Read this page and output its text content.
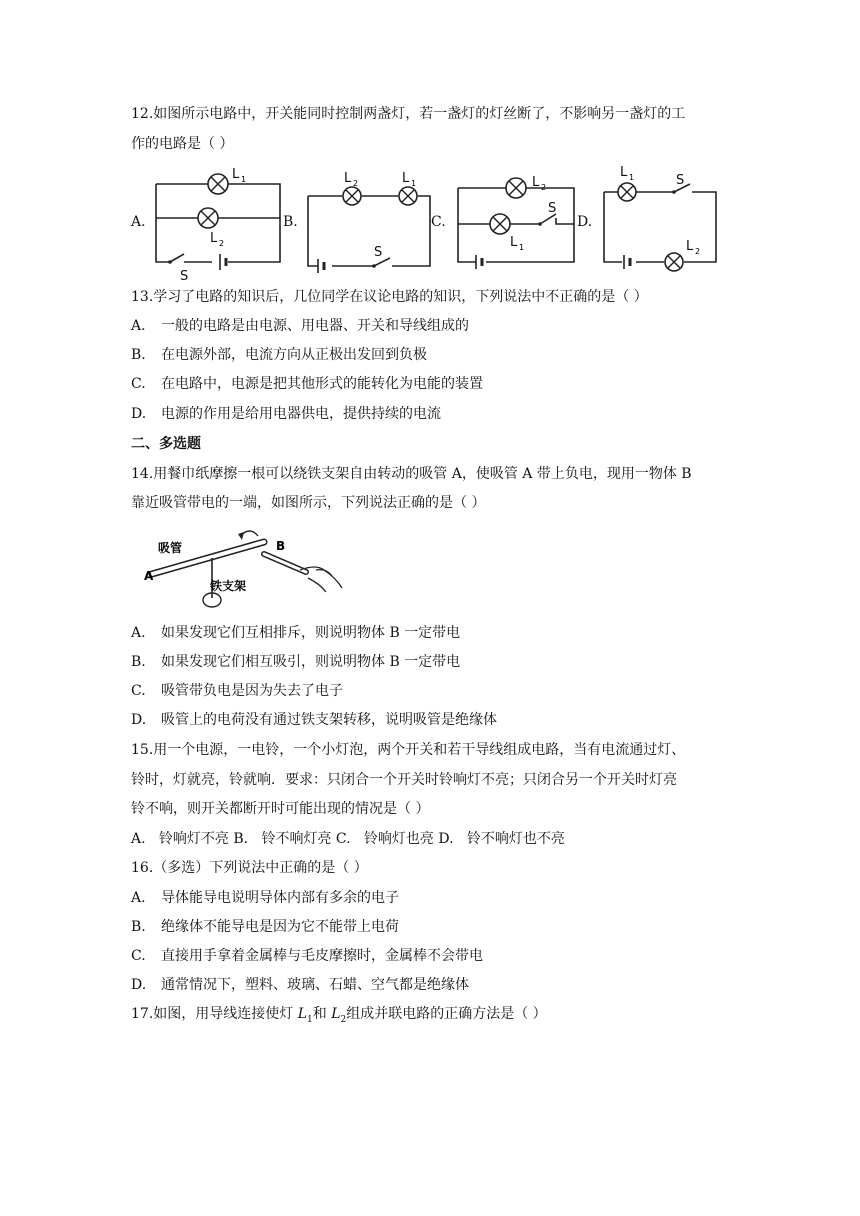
12.如图所示电路中，开关能同时控制两盏灯，若一盏灯的灯丝断了，不影响另一盏灯的工
作的电路是（ ）
A.	B.	C.	D.
L 1
L 2
S
L 2	L 1
S
L 2
L 1
S
L 1	S
L 2
13.学习了电路的知识后，几位同学在议论电路的知识，下列说法中不正确的是（ ）
A. 一般的电路是由电源、用电器、开关和导线组成的
B. 在电源外部，电流方向从正极出发回到负极
C. 在电路中，电源是把其他形式的能转化为电能的装置
D. 电源的作用是给用电器供电，提供持续的电流
二、多选题
14.用餐巾纸摩擦一根可以绕铁支架自由转动的吸管 A，使吸管 A 带上负电，现用一物体 B
靠近吸管带电的一端，如图所示，下列说法正确的是（ ）
吸管
A
B
铁支架
A. 如果发现它们互相排斥，则说明物体 B 一定带电
B. 如果发现它们相互吸引，则说明物体 B 一定带电
C. 吸管带负电是因为失去了电子
D. 吸管上的电荷没有通过铁支架转移，说明吸管是绝缘体
15.用一个电源，一电铃，一个小灯泡，两个开关和若干导线组成电路，当有电流通过灯、
铃时，灯就亮，铃就响．要求：只闭合一个开关时铃响灯不亮；只闭合另一个开关时灯亮
铃不响，则开关都断开时可能出现的情况是（ ）
A.   铃响灯不亮 B.   铃不响灯亮 C.   铃响灯也亮 D.   铃不响灯也不亮
16.（多选）下列说法中正确的是（ ）
A. 导体能导电说明导体内部有多余的电子
B. 绝缘体不能导电是因为它不能带上电荷
C. 直接用手拿着金属棒与毛皮摩擦时，金属棒不会带电
D. 通常情况下，塑料、玻璃、石蜡、空气都是绝缘体
17.如图，用导线连接使灯 $L_1$和 $L_2$组成并联电路的正确方法是（ ）
